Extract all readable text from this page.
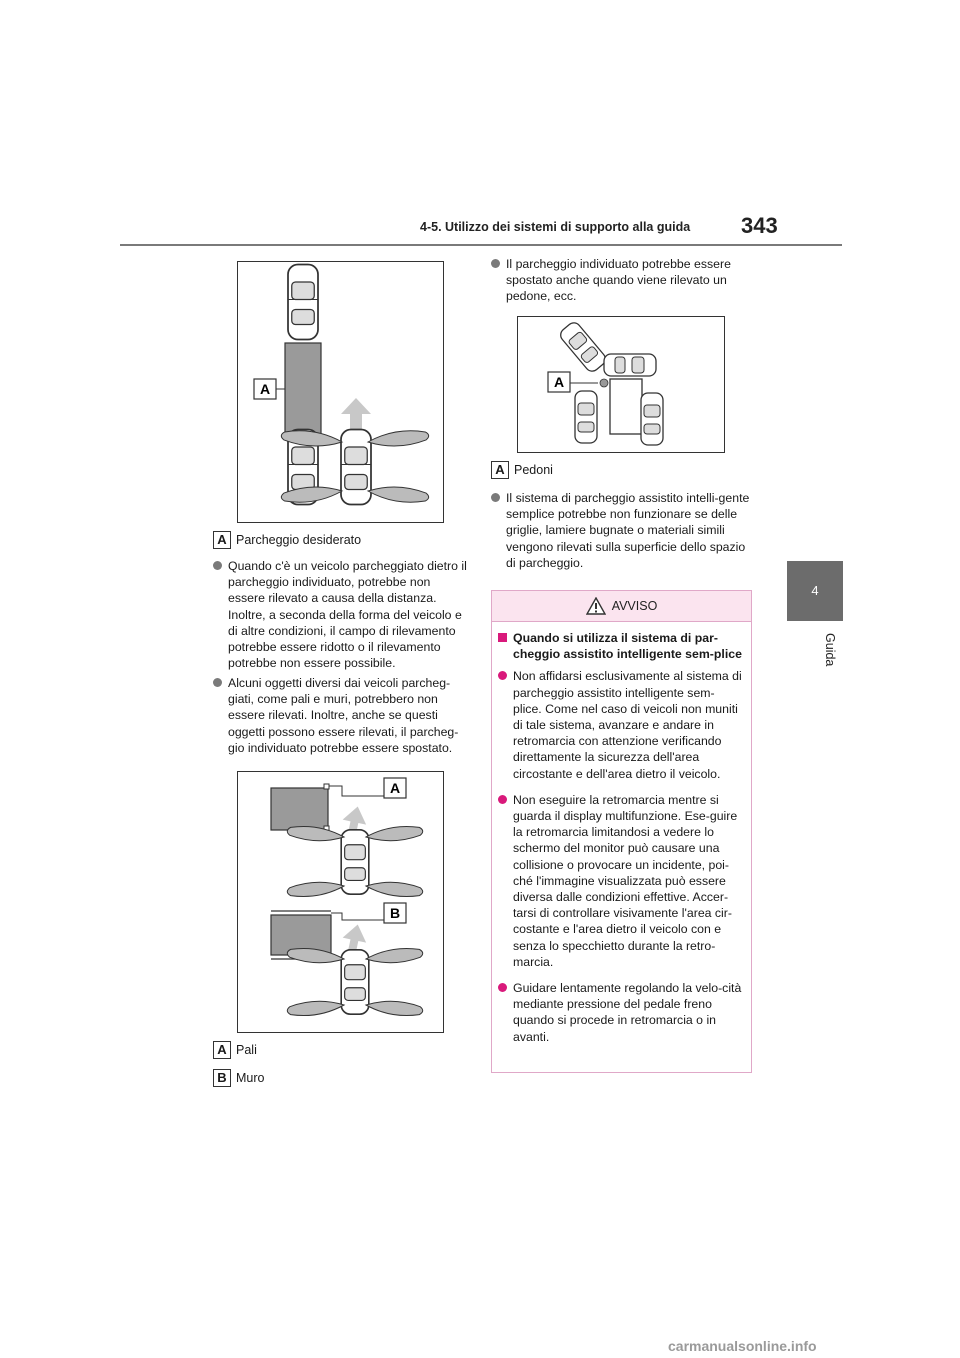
4-5. Utilizzo dei sistemi di supporto alla guida 343
4
Guida
A
A Parcheggio desiderato
Quando c'è un veicolo parcheggiato dietro il parcheggio individuato, potrebbe non essere rilevato a causa della distanza. Inoltre, a seconda della forma del veicolo e di altre condizioni, il campo di rilevamento potrebbe essere ridotto o il rilevamento potrebbe non essere possibile.
Alcuni oggetti diversi dai veicoli parcheg-giati, come pali e muri, potrebbero non essere rilevati. Inoltre, anche se questi oggetti possono essere rilevati, il parcheg-gio individuato potrebbe essere spostato.
A
B
A Pali
B Muro
Il parcheggio individuato potrebbe essere spostato anche quando viene rilevato un pedone, ecc.
A
A Pedoni
Il sistema di parcheggio assistito intelli-gente semplice potrebbe non funzionare se delle griglie, lamiere bugnate o materiali simili vengono rilevati sulla superficie dello spazio di parcheggio.
AVVISO
Quando si utilizza il sistema di par-cheggio assistito intelligente sem-plice
Non affidarsi esclusivamente al sistema di parcheggio assistito intelligente sem-plice. Come nel caso di veicoli non muniti di tale sistema, avanzare e andare in retromarcia con attenzione verificando direttamente la sicurezza dell'area circostante e dell'area dietro il veicolo.
Non eseguire la retromarcia mentre si guarda il display multifunzione. Ese-guire la retromarcia limitandosi a vedere lo schermo del monitor può causare una collisione o provocare un incidente, poi-ché l'immagine visualizzata può essere diversa dalle condizioni effettive. Accer-tarsi di controllare visivamente l'area cir-costante e l'area dietro il veicolo con e senza lo specchietto durante la retro-marcia.
Guidare lentamente regolando la velo-cità mediante pressione del pedale freno quando si procede in retromarcia o in avanti.
carmanualsonline.info
